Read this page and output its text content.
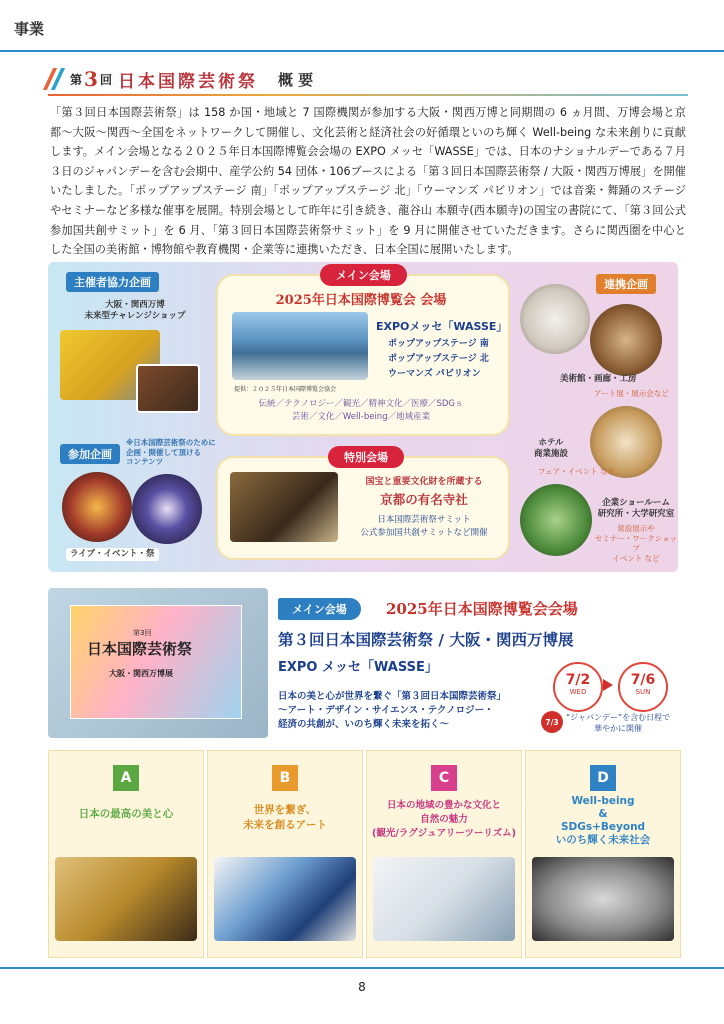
事業
第 3 回 日本国際芸術祭 概 要
「第３回日本国際芸術祭」は 158 か国・地域と 7 国際機関が参加する大阪・関西万博と同期間の 6 ヵ月間、万博会場と京都〜大阪〜関西〜全国をネットワークして開催し、文化芸術と経済社会の好循環といのち輝く Well-being な未来創りに貢献します。メイン会場となる２０２５年日本国際博覧会会場の EXPO メッセ「WASSE」では、日本のナショナルデーである７月３日のジャパンデーを含む会期中、産学公約 54 団体・106ブースによる「第３回日本国際芸術祭 / 大阪・関西万博展」を開催いたしました。「ポップアップステージ 南」「ポップアップステージ 北」「ウーマンズ パビリオン」では音楽・舞踊のステージやセミナーなど多様な催事を展開。特別会場として昨年に引き続き、龍谷山 本願寺(西本願寺)の国宝の書院にて、「第３回公式参加国共創サミット」を 6 月、「第３回日本国際芸術祭サミット」を 9 月に開催させていただきます。さらに関西圏を中心とした全国の美術館・博物館や教育機関・企業等に連携いただき、日本全国に展開いたします。
主催者協力企画
大阪・関西万博
未来型チャレンジショップ
参加企画
※日本国際芸術祭のために
企画・開催して頂ける
コンテンツ
ライブ・イベント・祭
メイン会場
2025年日本国際博覧会 会場
提供：２０２５年日本国際博覧会協会
EXPOメッセ「WASSE」
ポップアップステージ 南
ポップアップステージ 北
ウーマンズ パビリオン
伝統／テクノロジー／観光／精神文化／医療／SDGｓ
芸術／文化／Well-being／地域産業
特別会場
国宝と重要文化財を所蔵する
京都の有名寺社
日本国際芸術祭サミット
公式参加国共創サミットなど開催
連携企画
美術館・画廊・工房
アート展・展示会など
ホテル
商業施設
フェア・イベント など
企業ショールーム
研究所・大学研究室
常設展示や
セミナー・ワークショップ
イベント など
第3回
日本国際芸術祭
大阪・関西万博展
メイン会場	2025年日本国際博覧会会場
第３回日本国際芸術祭 / 大阪・関西万博展
EXPO メッセ「WASSE」
日本の美と心が世界を繋ぐ「第３回日本国際芸術祭」
〜アート・デザイン・サイエンス・テクノロジー・
経済の共創が、いのち輝く未来を拓く〜
7/2
WED
7/6
SUN
7/3 “ジャパンデー”を含む日程で
華やかに開催
A
日本の最高の美と心
B
世界を繋ぎ、
未来を創るアート
C
日本の地域の豊かな文化と
自然の魅力
(観光/ラグジュアリーツーリズム)
D
Well-being
&
SDGs+Beyond
いのち輝く未来社会
8
